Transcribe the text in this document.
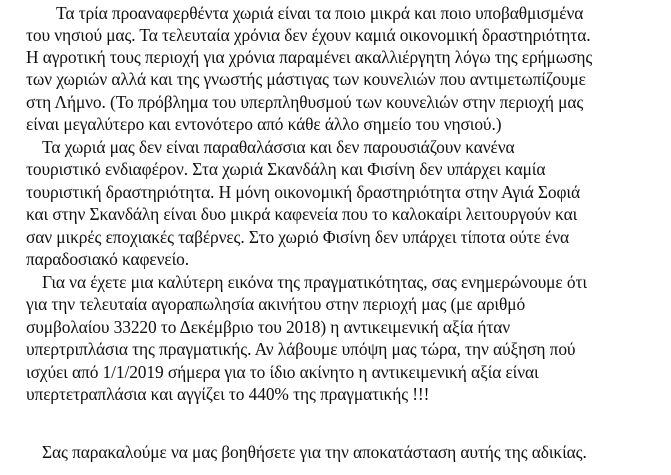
Τα τρία προαναφερθέντα χωριά είναι τα ποιο μικρά και ποιο υποβαθμισμένα
του νησιού μας. Τα τελευταία χρόνια δεν έχουν καμιά οικονομική δραστηριότητα.
Η αγροτική τους περιοχή για χρόνια παραμένει ακαλλιέργητη λόγω της ερήμωσης
των χωριών αλλά και της γνωστής μάστιγας των κουνελιών που αντιμετωπίζουμε
στη Λήμνο. (Το πρόβλημα του υπερπληθυσμού των κουνελιών στην περιοχή μας
είναι μεγαλύτερο και εντονότερο από κάθε άλλο σημείο του νησιού.)
Τα χωριά μας δεν είναι παραθαλάσσια και δεν παρουσιάζουν κανένα
τουριστικό ενδιαφέρον. Στα χωριά Σκανδάλη και Φισίνη δεν υπάρχει καμία
τουριστική δραστηριότητα. Η μόνη οικονομική δραστηριότητα στην Αγιά Σοφιά
και στην Σκανδάλη είναι δυο μικρά καφενεία που το καλοκαίρι λειτουργούν και
σαν μικρές εποχιακές ταβέρνες. Στο χωριό Φισίνη δεν υπάρχει τίποτα ούτε ένα
παραδοσιακό καφενείο.
Για να έχετε μια καλύτερη εικόνα της πραγματικότητας, σας ενημερώνουμε ότι
για την τελευταία αγοραπωλησία ακινήτου στην περιοχή μας (με αριθμό
συμβολαίου 33220 το Δεκέμβριο του 2018) η αντικειμενική αξία ήταν
υπερτριπλάσια της πραγματικής. Αν λάβουμε υπόψη μας τώρα, την αύξηση πού
ισχύει από 1/1/2019 σήμερα για το ίδιο ακίνητο η αντικειμενική αξία είναι
υπερτετραπλάσια και αγγίζει το 440% της πραγματικής !!!
Σας παρακαλούμε να μας βοηθήσετε για την αποκατάσταση αυτής της αδικίας.
